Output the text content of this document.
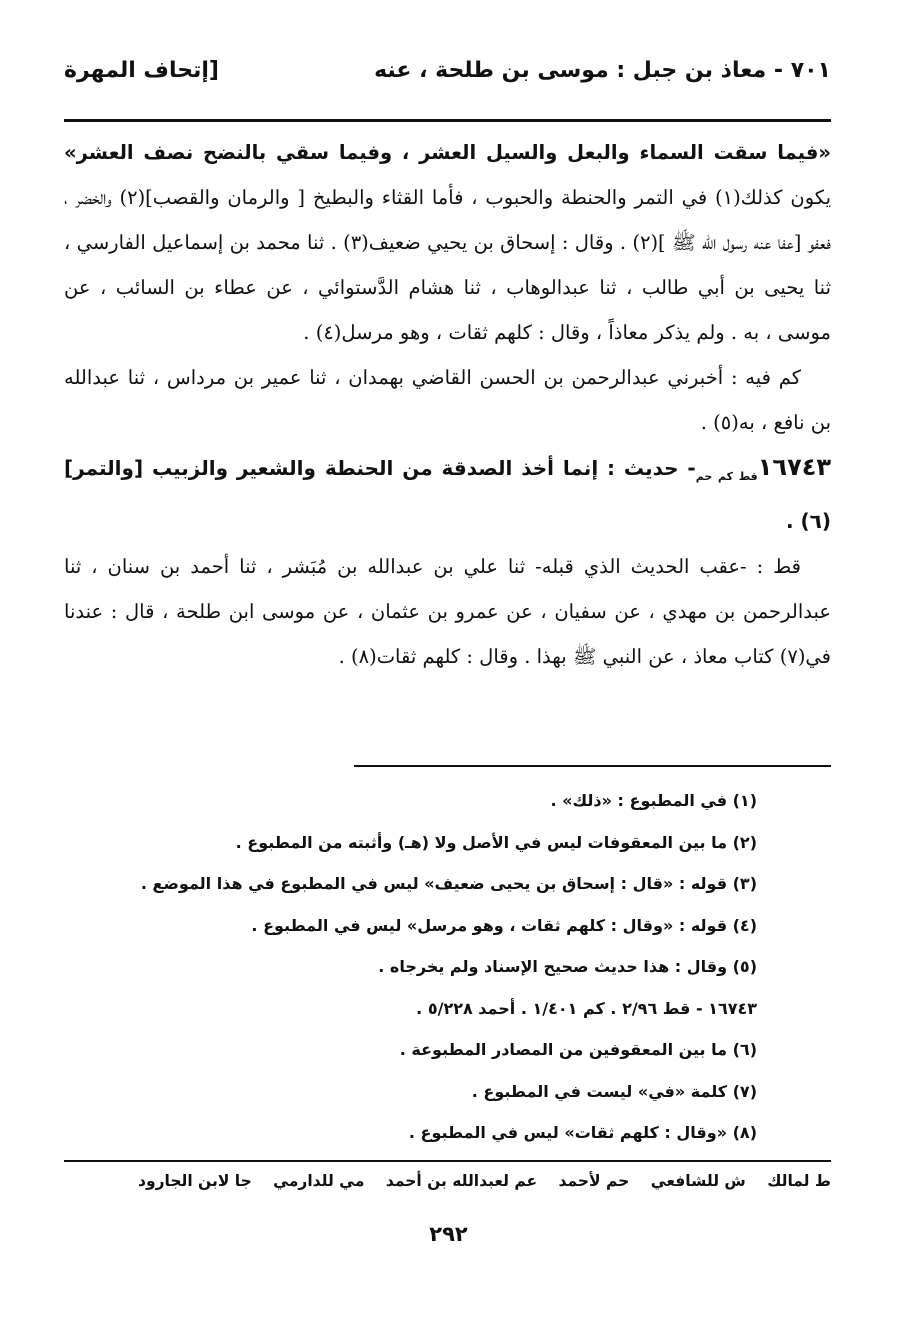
٧٠١ - معاذ بن جبل : موسى بن طلحة ، عنه
[إتحاف المهرة

«فيما سقت السماء والبعل والسيل العشر ، وفيما سقي بالنضح نصف العشر» يكون كذلك(١) في التمر والحنطة والحبوب ، فأما القثاء والبطيخ [ والرمان والقصب](٢) والخضر ، فعفو [عفا عنه رسول الله ﷺ ](٢) . وقال : إسحاق بن يحيي ضعيف(٣) . ثنا محمد بن إسماعيل الفارسي ، ثنا يحيى بن أبي طالب ، ثنا عبدالوهاب ، ثنا هشام الدَّستوائي ، عن عطاء بن السائب ، عن موسى ، به . ولم يذكر معاذاً ، وقال : كلهم ثقات ، وهو مرسل(٤) .

كم فيه : أخبرني عبدالرحمن بن الحسن القاضي بهمدان ، ثنا عمير بن مرداس ، ثنا عبدالله بن نافع ، به(٥) .

$١٦٧٤٣_{قط كم حم}-$ حديث : إنما أخذ الصدقة من الحنطة والشعير والزبيب [والتمر](٦) .

قط : -عقب الحديث الذي قبله- ثنا علي بن عبدالله بن مُبَشر ، ثنا أحمد بن سنان ، ثنا عبدالرحمن بن مهدي ، عن سفيان ، عن عمرو بن عثمان ، عن موسى ابن طلحة ، قال : عندنا في(٧) كتاب معاذ ، عن النبي ﷺ بهذا . وقال : كلهم ثقات(٨) .

(١) في المطبوع : «ذلك» .
(٢) ما بين المعقوفات ليس في الأصل ولا (هـ) وأثبته من المطبوع .
(٣) قوله : «قال : إسحاق بن يحيى ضعيف» ليس في المطبوع في هذا الموضع .
(٤) قوله : «وقال : كلهم ثقات ، وهو مرسل» ليس في المطبوع .
(٥) وقال : هذا حديث صحيح الإسناد ولم يخرجاه .
١٦٧٤٣ - قط ٢/٩٦ . كم ١/٤٠١ . أحمد ٥/٢٢٨ .
(٦) ما بين المعقوفين من المصادر المطبوعة .
(٧) كلمة «في» ليست في المطبوع .
(٨) «وقال : كلهم ثقات» ليس في المطبوع .
ط لمالك ش للشافعي حم لأحمد عم لعبدالله بن أحمد مي للدارمي جا لابن الجارود
٢٩٢
